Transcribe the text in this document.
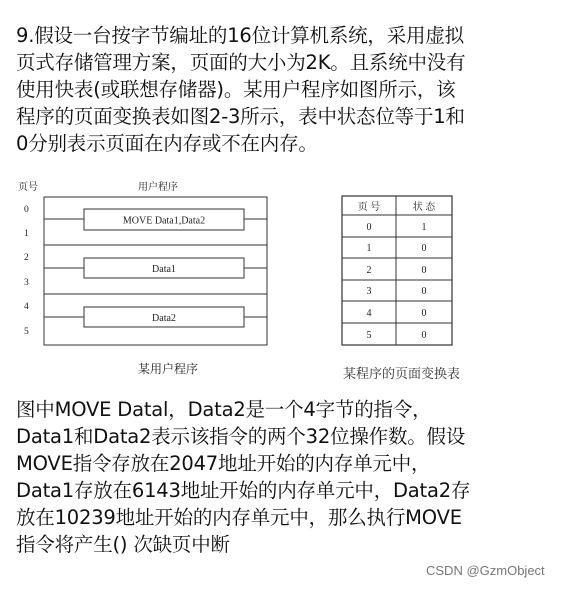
9.假设一台按字节编址的16位计算机系统，采用虚拟
页式存储管理方案，页面的大小为2K。且系统中没有
使用快表(或联想存储器)。某用户程序如图所示，该
程序的页面变换表如图2-3所示，表中状态位等于1和
0分别表示页面在内存或不在内存。
页号	用户程序
0
1
2
3
4
5
MOVE Data1,Data2
Data1
Data2
某用户程序
页 号	状 态
0	1
1	0
2	0
3	0
4	0
5	0
某程序的页面变换表
图中MOVE Datal，Data2是一个4字节的指令，
Data1和Data2表示该指令的两个32位操作数。假设
MOVE指令存放在2047地址开始的内存单元中，
Data1存放在6143地址开始的内存单元中，Data2存
放在10239地址开始的内存单元中，那么执行MOVE
指令将产生() 次缺页中断
CSDN @GzmObject
